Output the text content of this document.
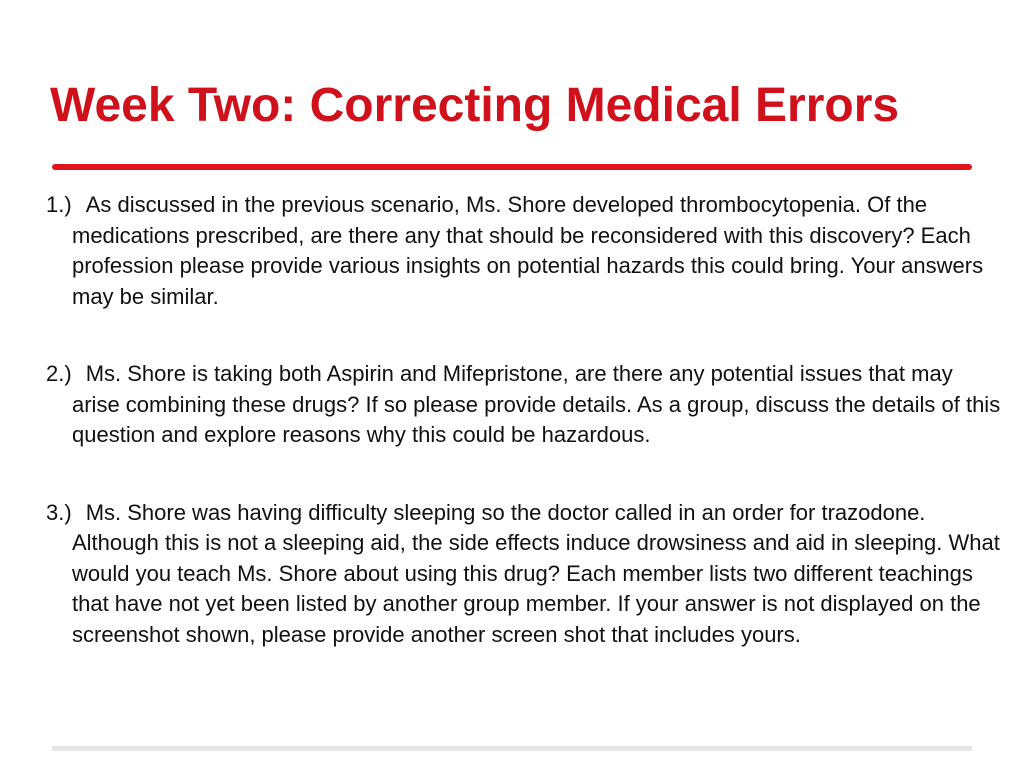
Week Two: Correcting Medical Errors
1.) As discussed in the previous scenario, Ms. Shore developed thrombocytopenia. Of the medications prescribed, are there any that should be reconsidered with this discovery? Each profession please provide various insights on potential hazards this could bring. Your answers may be similar.
2.) Ms. Shore is taking both Aspirin and Mifepristone, are there any potential issues that may arise combining these drugs? If so please provide details. As a group, discuss the details of this question and explore reasons why this could be hazardous.
3.) Ms. Shore was having difficulty sleeping so the doctor called in an order for trazodone. Although this is not a sleeping aid, the side effects induce drowsiness and aid in sleeping. What would you teach Ms. Shore about using this drug? Each member lists two different teachings that have not yet been listed by another group member. If your answer is not displayed on the screenshot shown, please provide another screen shot that includes yours.
